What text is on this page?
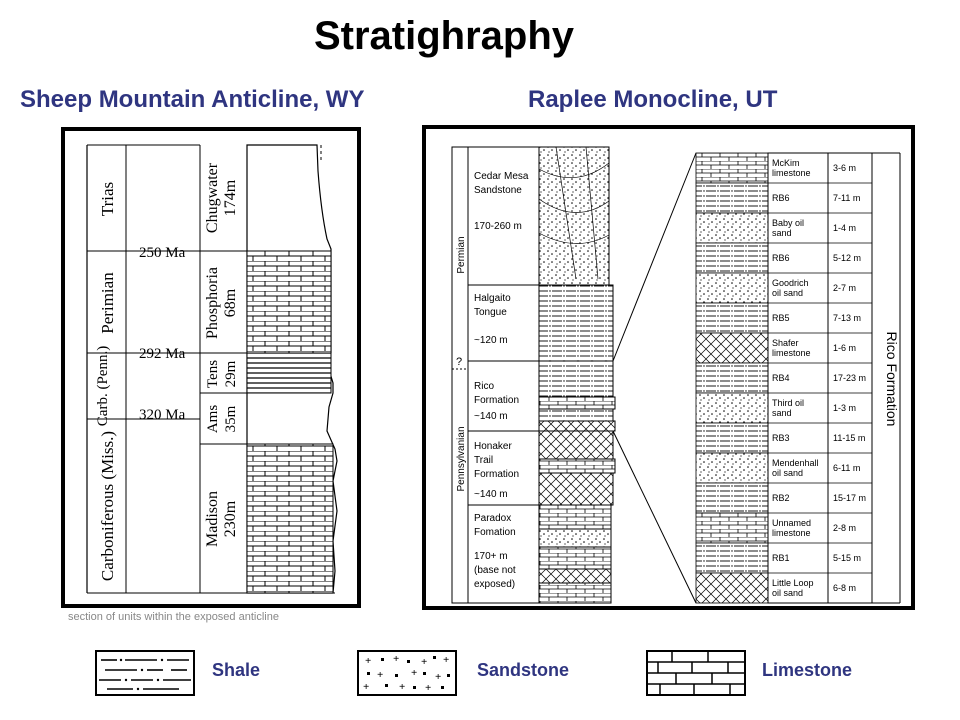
Stratighraphy
Sheep Mountain Anticline, WY	Raplee Monocline, UT
Trias
Perimian
Carb. (Penn.)
Carboniferous (Miss.)
250 Ma
292 Ma
320 Ma
Chugwater 174m
Phosphoria 68m
Tens 29m
Ams 35m
Madison 230m
section of units within the exposed anticline
Permian
?
Pennsylvanian
Cedar Mesa Sandstone 170-260 m
Halgaito Tongue ~120 m
Rico Formation ~140 m
Honaker Trail Formation ~140 m
Paradox Fomation 170+ m (base not exposed)
McKim limestone 3-6 m
RB6	7-11 m
Baby oil sand	1-4 m
RB6	5-12 m
Goodrich oil sand	2-7 m
RB5	7-13 m
Shafer limestone 1-6 m
RB4	17-23 m
Third oil sand	1-3 m
RB3	11-15 m
Mendenhall oil sand	6-11 m
RB2	15-17 m
Unnamed limestone 2-8 m
RB1	5-15 m
Little Loop oil sand	6-8 m
Rico Formation
Shale	+ + + +
+	+ +
+	+ +
Sandstone	Limestone
